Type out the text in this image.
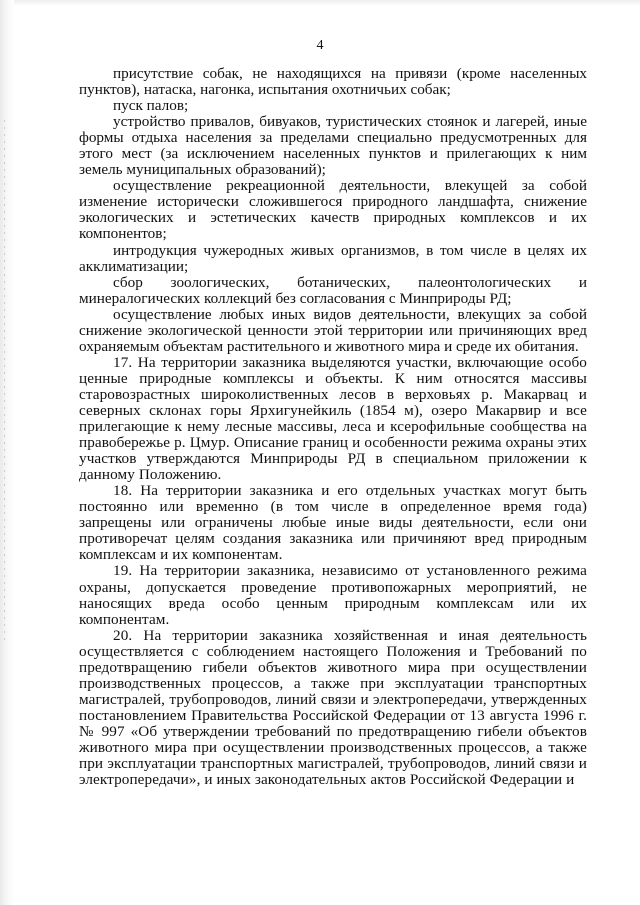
4

присутствие собак, не находящихся на привязи (кроме населенных пунктов), натаска, нагонка, испытания охотничьих собак;

пуск палов;

устройство привалов, бивуаков, туристических стоянок и лагерей, иные формы отдыха населения за пределами специально предусмотренных для этого мест (за исключением населенных пунктов и прилегающих к ним земель муниципальных образований);

осуществление рекреационной деятельности, влекущей за собой изменение исторически сложившегося природного ландшафта, снижение экологических и эстетических качеств природных комплексов и их компонентов;

интродукция чужеродных живых организмов, в том числе в целях их акклиматизации;

сбор зоологических, ботанических, палеонтологических и минералогических коллекций без согласования с Минприроды РД;

осуществление любых иных видов деятельности, влекущих за собой снижение экологической ценности этой территории или причиняющих вред охраняемым объектам растительного и животного мира и среде их обитания.

17. На территории заказника выделяются участки, включающие особо ценные природные комплексы и объекты. К ним относятся массивы старовозрастных широколиственных лесов в верховьях р. Макарвац и северных склонах горы Ярхигунейкиль (1854 м), озеро Макарвир и все прилегающие к нему лесные массивы, леса и ксерофильные сообщества на правобережье р. Цмур. Описание границ и особенности режима охраны этих участков утверждаются Минприроды РД в специальном приложении к данному Положению.

18. На территории заказника и его отдельных участках могут быть постоянно или временно (в том числе в определенное время года) запрещены или ограничены любые иные виды деятельности, если они противоречат целям создания заказника или причиняют вред природным комплексам и их компонентам.

19. На территории заказника, независимо от установленного режима охраны, допускается проведение противопожарных мероприятий, не наносящих вреда особо ценным природным комплексам или их компонентам.

20. На территории заказника хозяйственная и иная деятельность осуществляется с соблюдением настоящего Положения и Требований по предотвращению гибели объектов животного мира при осуществлении производственных процессов, а также при эксплуатации транспортных магистралей, трубопроводов, линий связи и электропередачи, утвержденных постановлением Правительства Российской Федерации от 13 августа 1996 г. № 997 «Об утверждении требований по предотвращению гибели объектов животного мира при осуществлении производственных процессов, а также при эксплуатации транспортных магистралей, трубопроводов, линий связи и электропередачи», и иных законодательных актов Российской Федерации и
